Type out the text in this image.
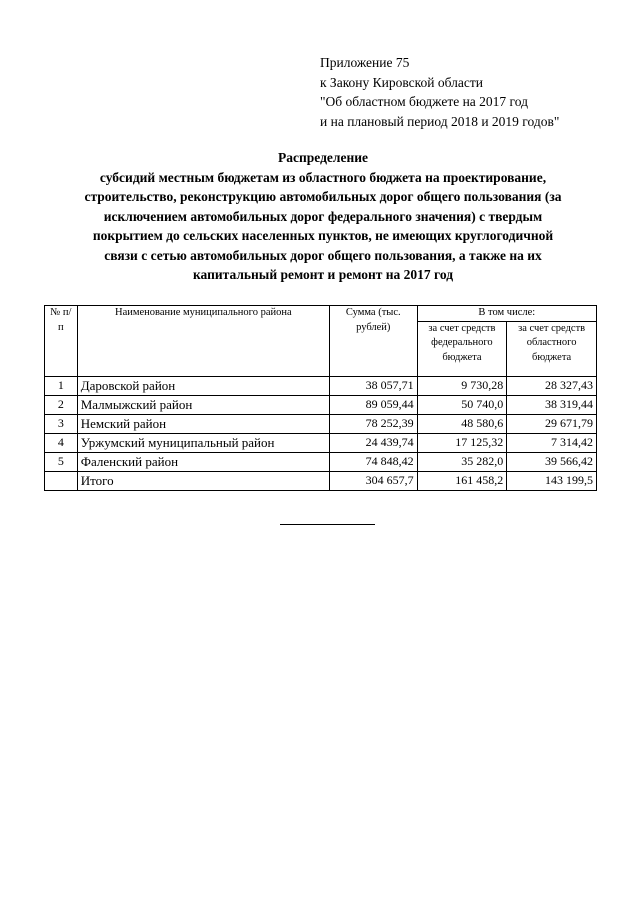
Приложение 75
к Закону Кировской области
"Об областном бюджете на 2017 год
и на плановый период 2018 и 2019 годов"
Распределение
субсидий местным бюджетам из областного бюджета на проектирование,
строительство, реконструкцию автомобильных дорог общего пользования (за
исключением автомобильных дорог федерального значения) с твердым
покрытием до сельских населенных пунктов, не имеющих круглогодичной
связи с сетью автомобильных дорог общего пользования, а также на их
капитальный ремонт и ремонт на 2017 год
№ п/п	Наименование муниципального района	Сумма (тыс. рублей)	В том числе:	
			за счет средств федерального бюджета	за счет средств областного бюджета
1	Даровской район	38 057,71	9 730,28	28 327,43
2	Малмыжский район	89 059,44	50 740,0	38 319,44
3	Немский район	78 252,39	48 580,6	29 671,79
4	Уржумский муниципальный район	24 439,74	17 125,32	7 314,42
5	Фаленский район	74 848,42	35 282,0	39 566,42
	Итого	304 657,7	161 458,2	143 199,5
